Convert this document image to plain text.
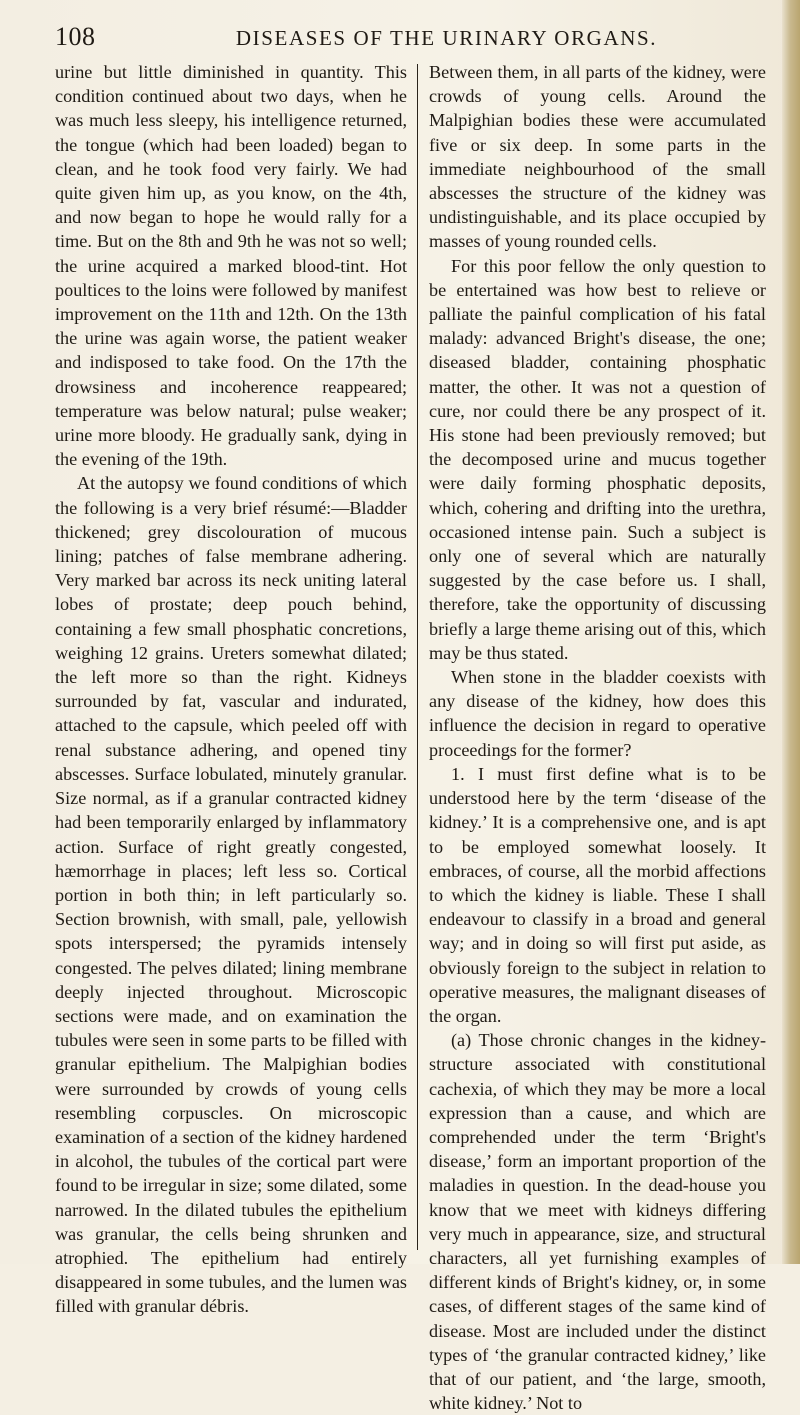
108	DISEASES OF THE URINARY ORGANS.

urine but little diminished in quantity. This condition continued about two days, when he was much less sleepy, his intelligence returned, the tongue (which had been loaded) began to clean, and he took food very fairly. We had quite given him up, as you know, on the 4th, and now began to hope he would rally for a time. But on the 8th and 9th he was not so well; the urine acquired a marked blood-tint. Hot poultices to the loins were followed by manifest improvement on the 11th and 12th. On the 13th the urine was again worse, the patient weaker and indisposed to take food. On the 17th the drowsiness and incoherence reappeared; temperature was below natural; pulse weaker; urine more bloody. He gradually sank, dying in the evening of the 19th.

At the autopsy we found conditions of which the following is a very brief résumé:—Bladder thickened; grey discolouration of mucous lining; patches of false membrane adhering. Very marked bar across its neck uniting lateral lobes of prostate; deep pouch behind, containing a few small phosphatic concretions, weighing 12 grains. Ureters somewhat dilated; the left more so than the right. Kidneys surrounded by fat, vascular and indurated, attached to the capsule, which peeled off with renal substance adhering, and opened tiny abscesses. Surface lobulated, minutely granular. Size normal, as if a granular contracted kidney had been temporarily enlarged by inflammatory action. Surface of right greatly congested, hæmorrhage in places; left less so. Cortical portion in both thin; in left particularly so. Section brownish, with small, pale, yellowish spots interspersed; the pyramids intensely congested. The pelves dilated; lining membrane deeply injected throughout. Microscopic sections were made, and on examination the tubules were seen in some parts to be filled with granular epithelium. The Malpighian bodies were surrounded by crowds of young cells resembling corpuscles. On microscopic examination of a section of the kidney hardened in alcohol, the tubules of the cortical part were found to be irregular in size; some dilated, some narrowed. In the dilated tubules the epithelium was granular, the cells being shrunken and atrophied. The epithelium had entirely disappeared in some tubules, and the lumen was filled with granular débris.

Between them, in all parts of the kidney, were crowds of young cells. Around the Malpighian bodies these were accumulated five or six deep. In some parts in the immediate neighbourhood of the small abscesses the structure of the kidney was undistinguishable, and its place occupied by masses of young rounded cells.

For this poor fellow the only question to be entertained was how best to relieve or palliate the painful complication of his fatal malady: advanced Bright's disease, the one; diseased bladder, containing phosphatic matter, the other. It was not a question of cure, nor could there be any prospect of it. His stone had been previously removed; but the decomposed urine and mucus together were daily forming phosphatic deposits, which, cohering and drifting into the urethra, occasioned intense pain. Such a subject is only one of several which are naturally suggested by the case before us. I shall, therefore, take the opportunity of discussing briefly a large theme arising out of this, which may be thus stated.

When stone in the bladder coexists with any disease of the kidney, how does this influence the decision in regard to operative proceedings for the former?

1. I must first define what is to be understood here by the term ‘disease of the kidney.’ It is a comprehensive one, and is apt to be employed somewhat loosely. It embraces, of course, all the morbid affections to which the kidney is liable. These I shall endeavour to classify in a broad and general way; and in doing so will first put aside, as obviously foreign to the subject in relation to operative measures, the malignant diseases of the organ.

(a) Those chronic changes in the kidney-structure associated with constitutional cachexia, of which they may be more a local expression than a cause, and which are comprehended under the term ‘Bright's disease,’ form an important proportion of the maladies in question. In the dead-house you know that we meet with kidneys differing very much in appearance, size, and structural characters, all yet furnishing examples of different kinds of Bright's kidney, or, in some cases, of different stages of the same kind of disease. Most are included under the distinct types of ‘the granular contracted kidney,’ like that of our patient, and ‘the large, smooth, white kidney.’ Not to
